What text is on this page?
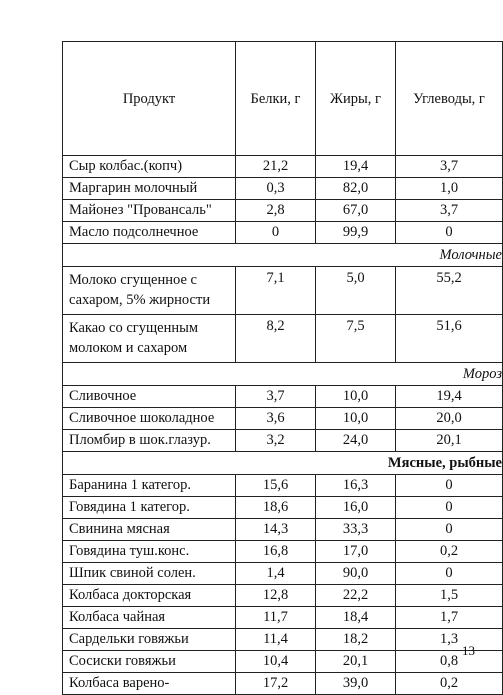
Продукт	Белки, г	Жиры, г	Углеводы, г
Сыр колбас.(копч)	21,2	19,4	3,7
Маргарин молочный	0,3	82,0	1,0
Майонез "Провансаль"	2,8	67,0	3,7
Масло подсолнечное	0	99,9	0
Молочные			
Молоко сгущенное с сахаром, 5% жирности	7,1	5,0	55,2
Какао со сгущенным молоком и сахаром	8,2	7,5	51,6
Мороз			
Сливочное	3,7	10,0	19,4
Сливочное шоколадное	3,6	10,0	20,0
Пломбир в шок.глазур.	3,2	24,0	20,1
Мясные, рыбные			
Баранина 1 категор.	15,6	16,3	0
Говядина 1 категор.	18,6	16,0	0
Свинина мясная	14,3	33,3	0
Говядина туш.конс.	16,8	17,0	0,2
Шпик свиной солен.	1,4	90,0	0
Колбаса докторская	12,8	22,2	1,5
Колбаса чайная	11,7	18,4	1,7
Сардельки говяжьи	11,4	18,2	1,3
Сосиски говяжьи	10,4	20,1	0,8
Колбаса варено-	17,2	39,0	0,2
13
